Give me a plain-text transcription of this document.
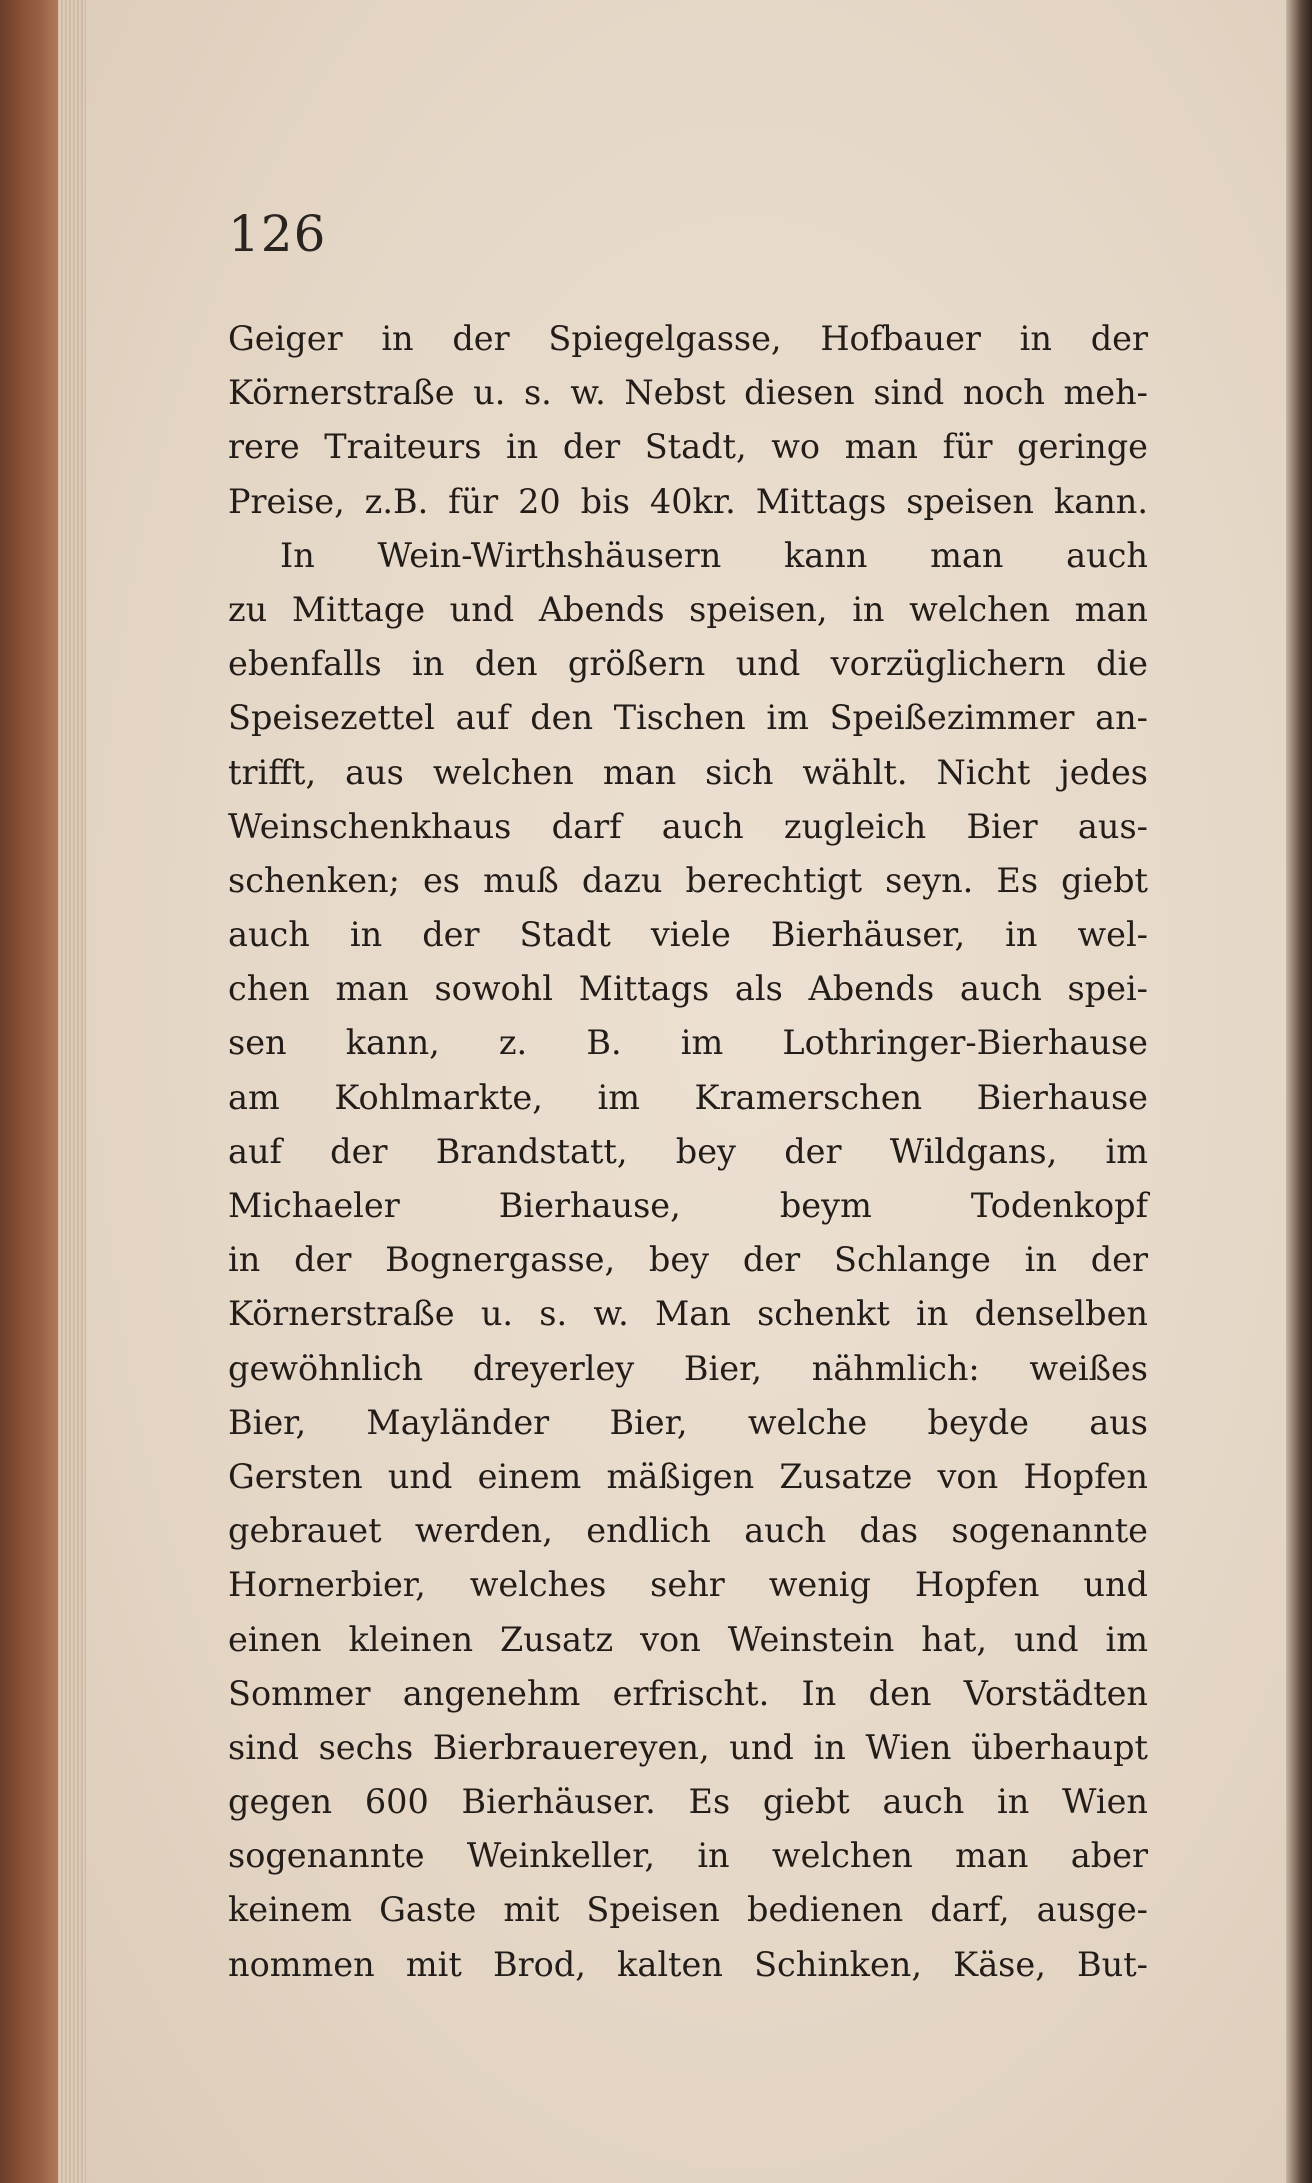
126
Geiger in der Spiegelgasse, Hofbauer in der
Körnerstraße u. s. w. Nebst diesen sind noch meh-
rere Traiteurs in der Stadt, wo man für geringe
Preise, z.B. für 20 bis 40kr. Mittags speisen kann.
In Wein-Wirthshäusern kann man auch
zu Mittage und Abends speisen, in welchen man
ebenfalls in den größern und vorzüglichern die
Speisezettel auf den Tischen im Speißezimmer an-
trifft, aus welchen man sich wählt. Nicht jedes
Weinschenkhaus darf auch zugleich Bier aus-
schenken; es muß dazu berechtigt seyn. Es giebt
auch in der Stadt viele Bierhäuser, in wel-
chen man sowohl Mittags als Abends auch spei-
sen kann, z. B. im Lothringer-Bierhause
am Kohlmarkte, im Kramerschen Bierhause
auf der Brandstatt, bey der Wildgans, im
Michaeler Bierhause, beym Todenkopf
in der Bognergasse, bey der Schlange in der
Körnerstraße u. s. w. Man schenkt in denselben
gewöhnlich dreyerley Bier, nähmlich: weißes
Bier, Mayländer Bier, welche beyde aus
Gersten und einem mäßigen Zusatze von Hopfen
gebrauet werden, endlich auch das sogenannte
Hornerbier, welches sehr wenig Hopfen und
einen kleinen Zusatz von Weinstein hat, und im
Sommer angenehm erfrischt. In den Vorstädten
sind sechs Bierbrauereyen, und in Wien überhaupt
gegen 600 Bierhäuser. Es giebt auch in Wien
sogenannte Weinkeller, in welchen man aber
keinem Gaste mit Speisen bedienen darf, ausge-
nommen mit Brod, kalten Schinken, Käse, But-
